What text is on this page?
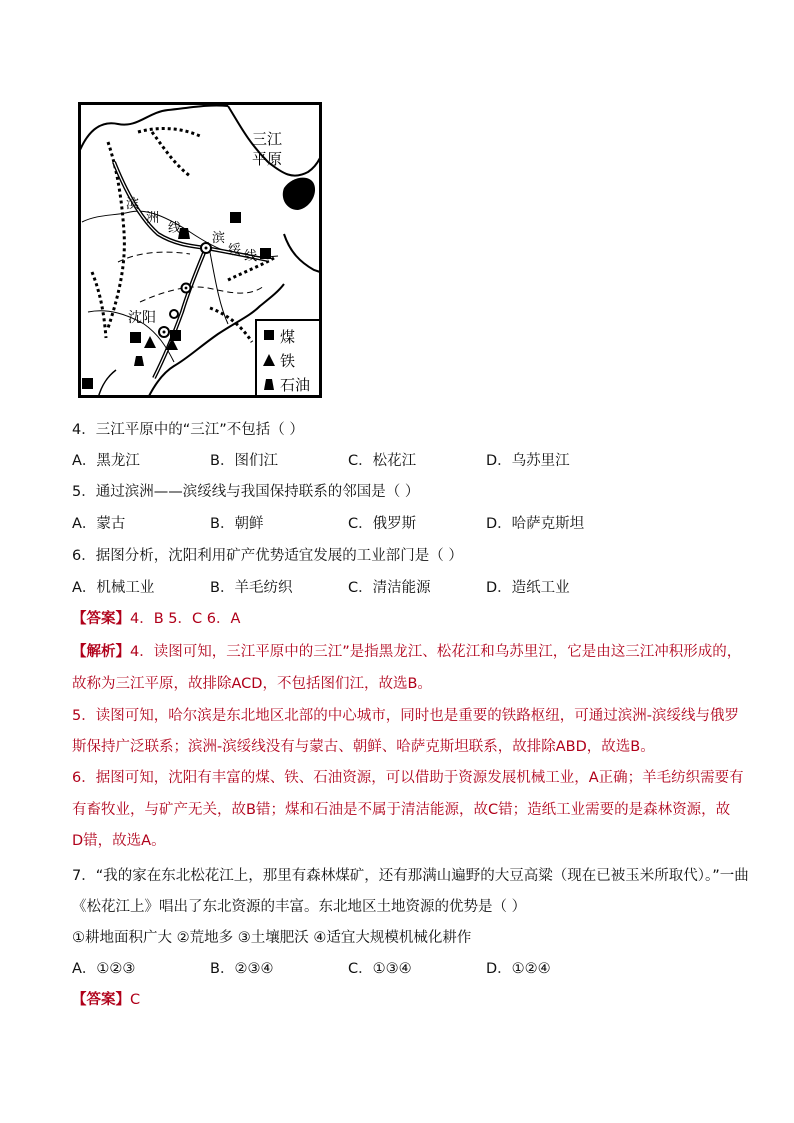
三江
平原
滨
洲
线
滨
绥 线
沈阳
煤
铁
石油
4．三江平原中的“三江”不包括（ ）
A．黑龙江	B．图们江	C．松花江	D．乌苏里江
5．通过滨洲——滨绥线与我国保持联系的邻国是（ ）
A．蒙古	B．朝鲜	C．俄罗斯	D．哈萨克斯坦
6．据图分析，沈阳利用矿产优势适宜发展的工业部门是（ ）
A．机械工业	B．羊毛纺织	C．清洁能源	D．造纸工业
【答案】4．B 5．C 6．A
【解析】4．读图可知，三江平原中的三江”是指黑龙江、松花江和乌苏里江，它是由这三江冲积形成的，
故称为三江平原，故排除ACD，不包括图们江，故选B。
5．读图可知，哈尔滨是东北地区北部的中心城市，同时也是重要的铁路枢纽，可通过滨洲-滨绥线与俄罗
斯保持广泛联系；滨洲-滨绥线没有与蒙古、朝鲜、哈萨克斯坦联系，故排除ABD，故选B。
6．据图可知，沈阳有丰富的煤、铁、石油资源，可以借助于资源发展机械工业，A正确；羊毛纺织需要有
有畜牧业，与矿产无关，故B错；煤和石油是不属于清洁能源，故C错；造纸工业需要的是森林资源，故
D错，故选A。
7．“我的家在东北松花江上，那里有森林煤矿，还有那满山遍野的大豆高粱（现在已被玉米所取代）。”一曲
《松花江上》唱出了东北资源的丰富。东北地区土地资源的优势是（ ）
①耕地面积广大 ②荒地多 ③土壤肥沃 ④适宜大规模机械化耕作
A．①②③	B．②③④	C．①③④	D．①②④
【答案】C
